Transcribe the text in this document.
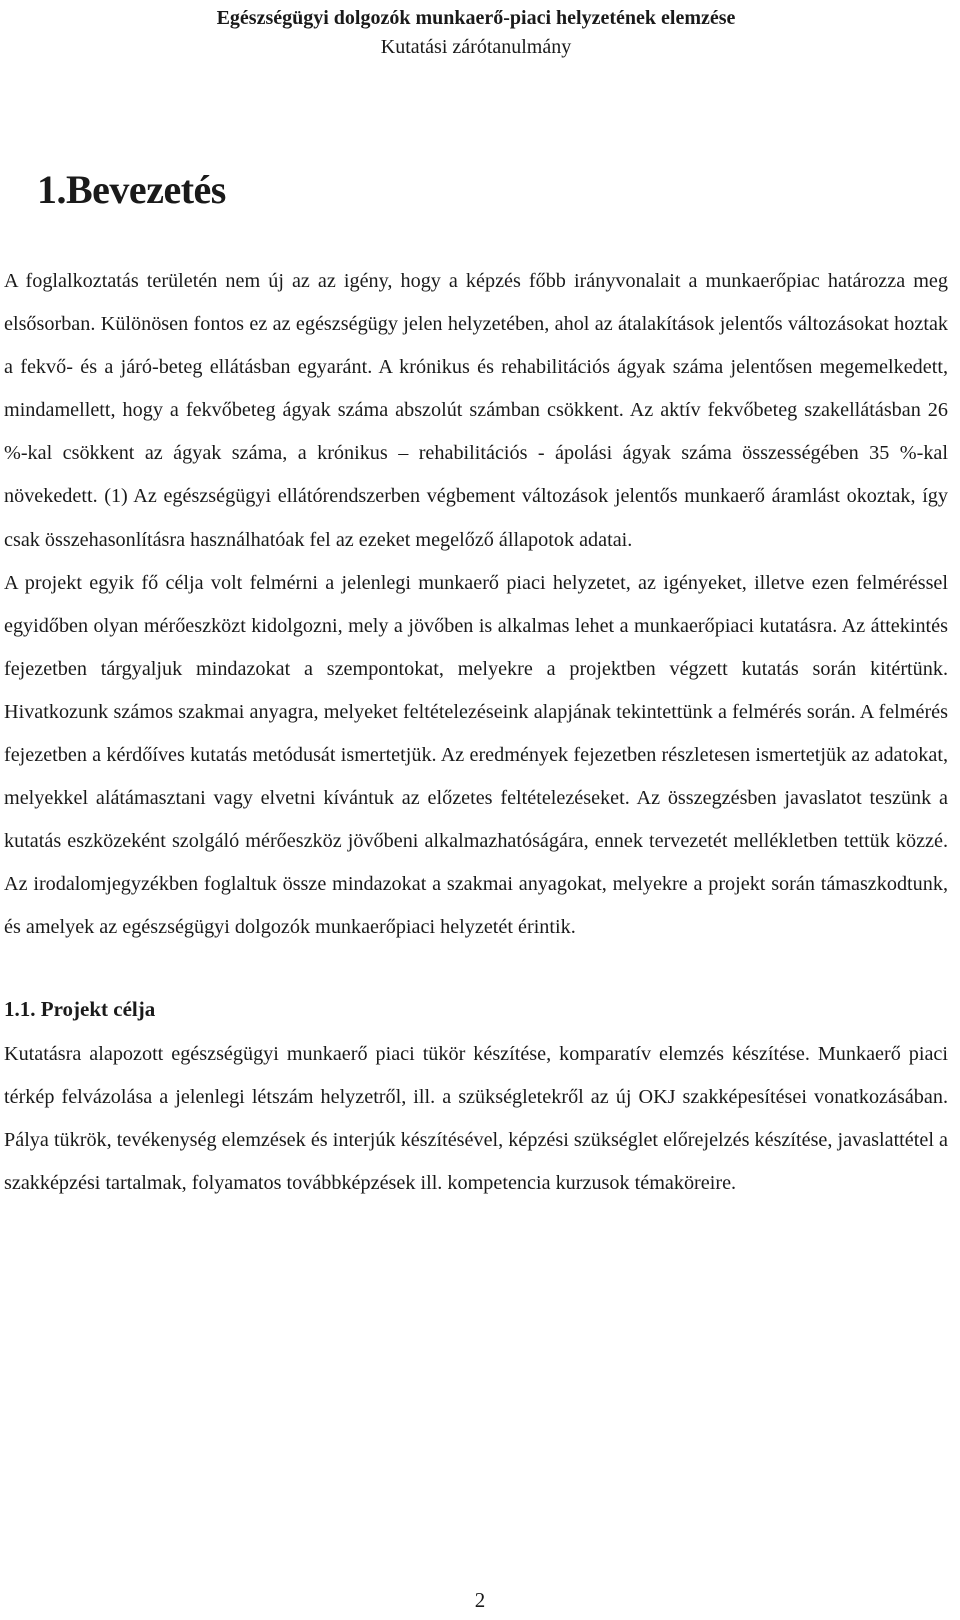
Egészségügyi dolgozók munkaerő-piaci helyzetének elemzése
Kutatási zárótanulmány
1.Bevezetés

A foglalkoztatás területén nem új az az igény, hogy a képzés főbb irányvonalait a munkaerőpiac határozza meg elsősorban. Különösen fontos ez az egészségügy jelen helyzetében, ahol az átalakítások jelentős változásokat hoztak a fekvő- és a járó-beteg ellátásban egyaránt. A krónikus és rehabilitációs ágyak száma jelentősen megemelkedett, mindamellett, hogy a fekvőbeteg ágyak száma abszolút számban csökkent. Az aktív fekvőbeteg szakellátásban 26 %-kal csökkent az ágyak száma, a krónikus – rehabilitációs - ápolási ágyak száma összességében 35 %-kal növekedett. (1) Az egészségügyi ellátórendszerben végbement változások jelentős munkaerő áramlást okoztak, így csak összehasonlításra használhatóak fel az ezeket megelőző állapotok adatai.

A projekt egyik fő célja volt felmérni a jelenlegi munkaerő piaci helyzetet, az igényeket, illetve ezen felméréssel egyidőben olyan mérőeszközt kidolgozni, mely a jövőben is alkalmas lehet a munkaerőpiaci kutatásra. Az áttekintés fejezetben tárgyaljuk mindazokat a szempontokat, melyekre a projektben végzett kutatás során kitértünk. Hivatkozunk számos szakmai anyagra, melyeket feltételezéseink alapjának tekintettünk a felmérés során. A felmérés fejezetben a kérdőíves kutatás metódusát ismertetjük. Az eredmények fejezetben részletesen ismertetjük az adatokat, melyekkel alátámasztani vagy elvetni kívántuk az előzetes feltételezéseket. Az összegzésben javaslatot teszünk a kutatás eszközeként szolgáló mérőeszköz jövőbeni alkalmazhatóságára, ennek tervezetét mellékletben tettük közzé. Az irodalomjegyzékben foglaltuk össze mindazokat a szakmai anyagokat, melyekre a projekt során támaszkodtunk, és amelyek az egészségügyi dolgozók munkaerőpiaci helyzetét érintik.

1.1. Projekt célja

Kutatásra alapozott egészségügyi munkaerő piaci tükör készítése, komparatív elemzés készítése. Munkaerő piaci térkép felvázolása a jelenlegi létszám helyzetről, ill. a szükségletekről az új OKJ szakképesítései vonatkozásában. Pálya tükrök, tevékenység elemzések és interjúk készítésével, képzési szükséglet előrejelzés készítése, javaslattétel a szakképzési tartalmak, folyamatos továbbképzések ill. kompetencia kurzusok témaköreire.

2
